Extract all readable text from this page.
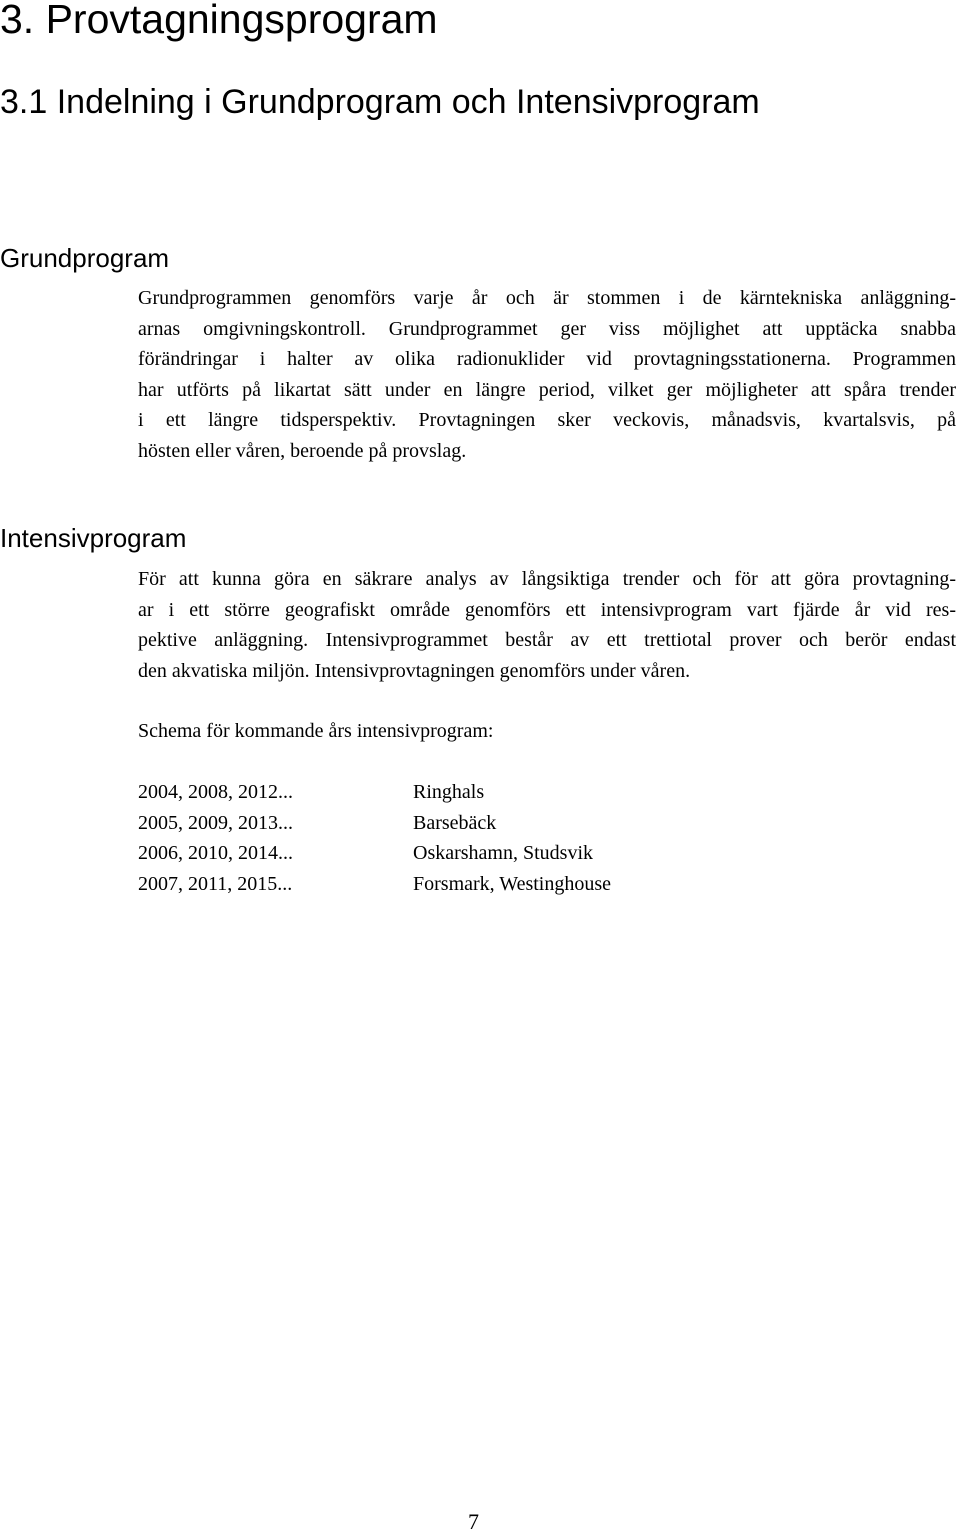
3. Provtagningsprogram
3.1 Indelning i Grundprogram och Intensivprogram
Grundprogram

Grundprogrammen genomförs varje år och är stommen i de kärntekniska anläggning-
arnas omgivningskontroll. Grundprogrammet ger viss möjlighet att upptäcka snabba
förändringar i halter av olika radionuklider vid provtagningsstationerna. Programmen
har utförts på likartat sätt under en längre period, vilket ger möjligheter att spåra trender
i ett längre tidsperspektiv. Provtagningen sker veckovis, månadsvis, kvartalsvis, på
hösten eller våren, beroende på provslag.

Intensivprogram

För att kunna göra en säkrare analys av långsiktiga trender och för att göra provtagning-
ar i ett större geografiskt område genomförs ett intensivprogram vart fjärde år vid res-
pektive anläggning. Intensivprogrammet består av ett trettiotal prover och berör endast
den akvatiska miljön. Intensivprovtagningen genomförs under våren.

Schema för kommande års intensivprogram:

2004, 2008, 2012...	Ringhals
2005, 2009, 2013...	Barsebäck
2006, 2010, 2014...	Oskarshamn, Studsvik
2007, 2011, 2015...	Forsmark, Westinghouse
7
